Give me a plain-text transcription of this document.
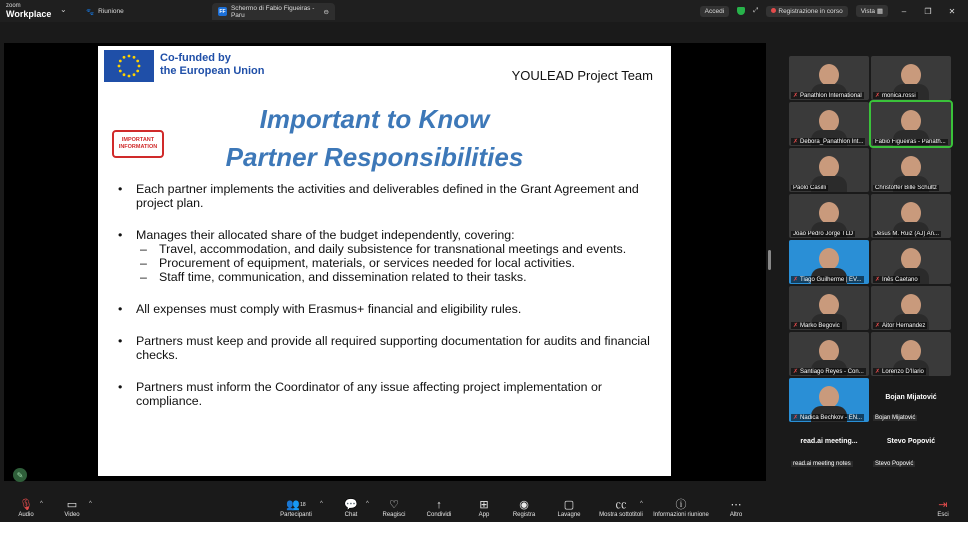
zoom
Workplace ⌄	🐾 Riunione	FF Schermo di Fabio Figueiras - Paru	⊖	Accedi	⤢	Registrazione in corso	Vista ▦	–	❐	✕
Co-funded by
the European Union	YOULEAD Project Team
IMPORTANT
INFORMATION
Important to Know
Partner Responsibilities
• Each partner implements the activities and deliverables defined in the Grant Agreement and project plan.
• Manages their allocated share of the budget independently, covering:
– Travel, accommodation, and daily subsistence for transnational meetings and events.
– Procurement of equipment, materials, or services needed for local activities.
– Staff time, communication, and dissemination related to their tasks.
• All expenses must comply with Erasmus+ financial and eligibility rules.
• Partners must keep and provide all required supporting documentation for audits and financial checks.
• Partners must inform the Coordinator of any issue affecting project implementation or compliance.
✗ Panathlon International	✗ monica.rossi
✗ Debora_Panathlon Int...	Fabio Figueiras - Panath...
Paolo Casilli	Christoffer Bille Schultz
Joao Pedro Jorge TLD	Jesus M. Ruiz (AJ) An...
✗ Tiago Guilherme | EV...	✗ Inês Caetano
✗ Marko Begovic	✗ Aitor Hernandez
✗ Santiago Reyes - Con...	✗ Lorenzo D'Ilario
✗ Nadica Bechkov - EN...
Bojan Mijatović
Bojan Mijatović
read.ai meeting...
read.ai meeting notes
Stevo Popović
Stevo Popović
✎
🎙
Audio
^	▭
Video
^	👥$^{18}$
Partecipanti
^	💬
Chat
^	♡
Reagisci
↑
Condividi
⊞
App
◉
Registra
▢
Lavagne
㏄
Mostra sottotitoli
^	ⓘ
Informazioni riunione
⋯
Altro
⇥
Esci
